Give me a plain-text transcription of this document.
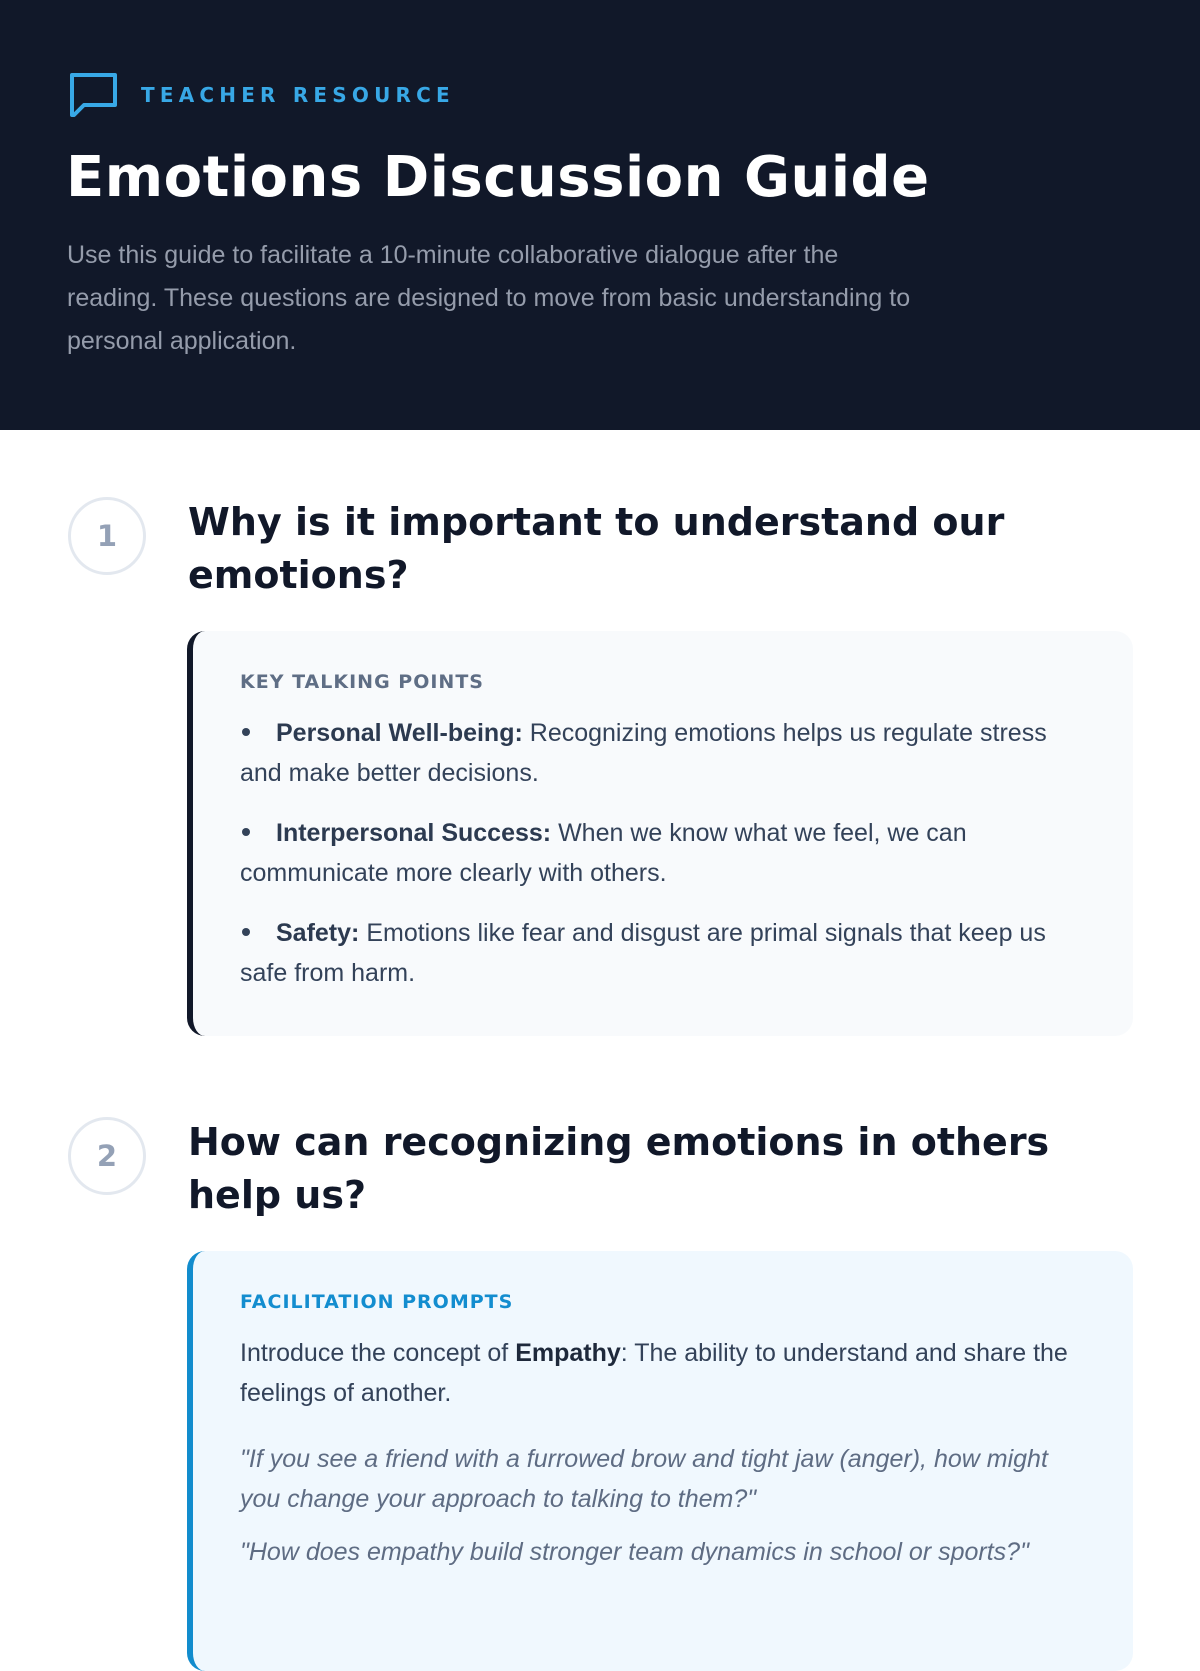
TEACHER RESOURCE
Emotions Discussion Guide

Use this guide to facilitate a 10-minute collaborative dialogue after the reading. These questions are designed to move from basic understanding to personal application.

1	Why is it important to understand our emotions?
KEY TALKING POINTS
Personal Well-being: Recognizing emotions helps us regulate stress and make better decisions.
Interpersonal Success: When we know what we feel, we can communicate more clearly with others.
Safety: Emotions like fear and disgust are primal signals that keep us safe from harm.
2	How can recognizing emotions in others help us?
FACILITATION PROMPTS

Introduce the concept of Empathy: The ability to understand and share the feelings of another.

"If you see a friend with a furrowed brow and tight jaw (anger), how might you change your approach to talking to them?"

"How does empathy build stronger team dynamics in school or sports?"
